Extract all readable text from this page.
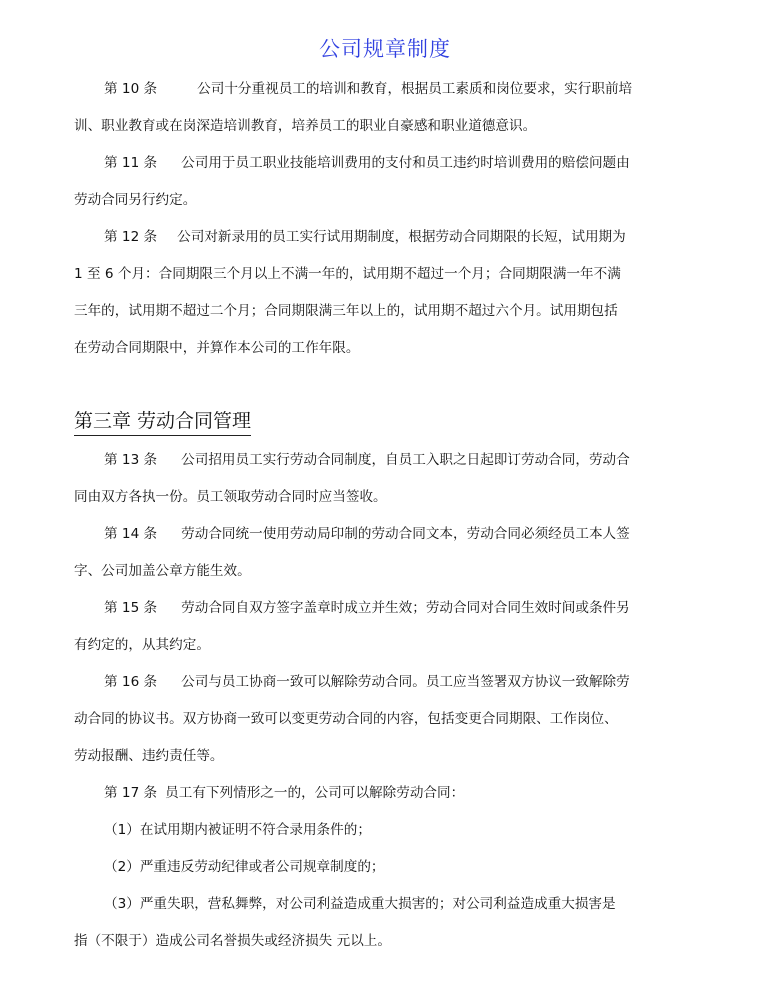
公司规章制度

第 10 条	公司十分重视员工的培训和教育，根据员工素质和岗位要求，实行职前培

训、职业教育或在岗深造培训教育，培养员工的职业自豪感和职业道德意识。

第 11 条 公司用于员工职业技能培训费用的支付和员工违约时培训费用的赔偿问题由

劳动合同另行约定。

第 12 条 公司对新录用的员工实行试用期制度，根据劳动合同期限的长短，试用期为

1 至 6 个月：合同期限三个月以上不满一年的，试用期不超过一个月；合同期限满一年不满

三年的，试用期不超过二个月；合同期限满三年以上的，试用期不超过六个月。试用期包括

在劳动合同期限中，并算作本公司的工作年限。

第三章 劳动合同管理

第 13 条 公司招用员工实行劳动合同制度，自员工入职之日起即订劳动合同，劳动合

同由双方各执一份。员工领取劳动合同时应当签收。

第 14 条 劳动合同统一使用劳动局印制的劳动合同文本，劳动合同必须经员工本人签

字、公司加盖公章方能生效。

第 15 条 劳动合同自双方签字盖章时成立并生效；劳动合同对合同生效时间或条件另

有约定的，从其约定。

第 16 条 公司与员工协商一致可以解除劳动合同。员工应当签署双方协议一致解除劳

动合同的协议书。双方协商一致可以变更劳动合同的内容，包括变更合同期限、工作岗位、

劳动报酬、违约责任等。

第 17 条 员工有下列情形之一的，公司可以解除劳动合同：

（1）在试用期内被证明不符合录用条件的；

（2）严重违反劳动纪律或者公司规章制度的；

（3）严重失职，营私舞弊，对公司利益造成重大损害的；对公司利益造成重大损害是

指（不限于）造成公司名誉损失或经济损失 元以上。
